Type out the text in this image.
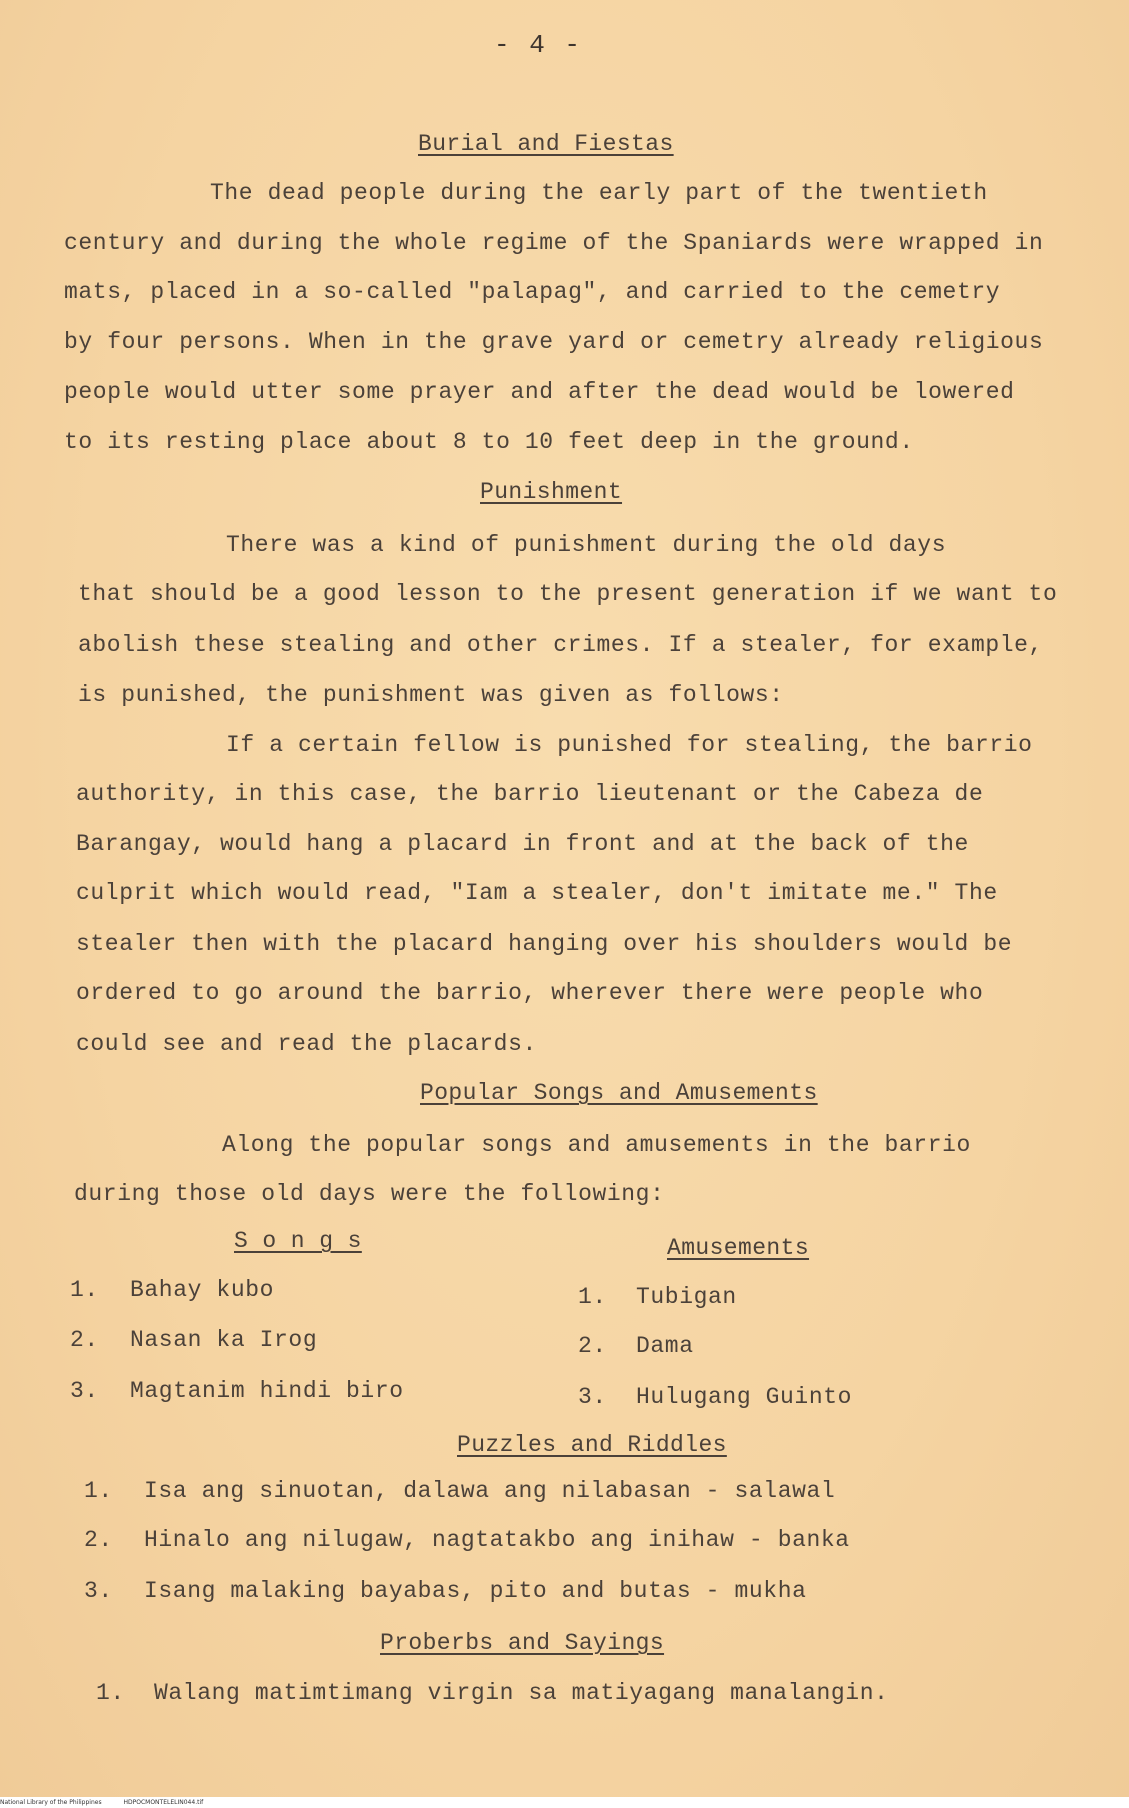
- 4 -
Burial and Fiestas
The dead people during the early part of the twentieth
century and during the whole regime of the Spaniards were wrapped in
mats, placed in a so-called "palapag", and carried to the cemetry
by four persons. When in the grave yard or cemetry already religious
people would utter some prayer and after the dead would be lowered
to its resting place about 8 to 10 feet deep in the ground.
Punishment
There was a kind of punishment during the old days
that should be a good lesson to the present generation if we want to
abolish these stealing and other crimes. If a stealer, for example,
is punished, the punishment was given as follows:
If a certain fellow is punished for stealing, the barrio
authority, in this case, the barrio lieutenant or the Cabeza de
Barangay, would hang a placard in front and at the back of the
culprit which would read, "Iam a stealer, don't imitate me." The
stealer then with the placard hanging over his shoulders would be
ordered to go around the barrio, wherever there were people who
could see and read the placards.
Popular Songs and Amusements
Along the popular songs and amusements in the barrio
during those old days were the following:
S o n g s	Amusements
1. Bahay kubo
2. Nasan ka Irog
3. Magtanim hindi biro
1. Tubigan
2. Dama
3. Hulugang Guinto
Puzzles and Riddles
1. Isa ang sinuotan, dalawa ang nilabasan - salawal
2. Hinalo ang nilugaw, nagtatakbo ang inihaw - banka
3. Isang malaking bayabas, pito and butas - mukha
Proberbs and Sayings
1. Walang matimtimang virgin sa matiyagang manalangin.
National Library of the Philippines	HDPOCMONTELELIN044.tif
